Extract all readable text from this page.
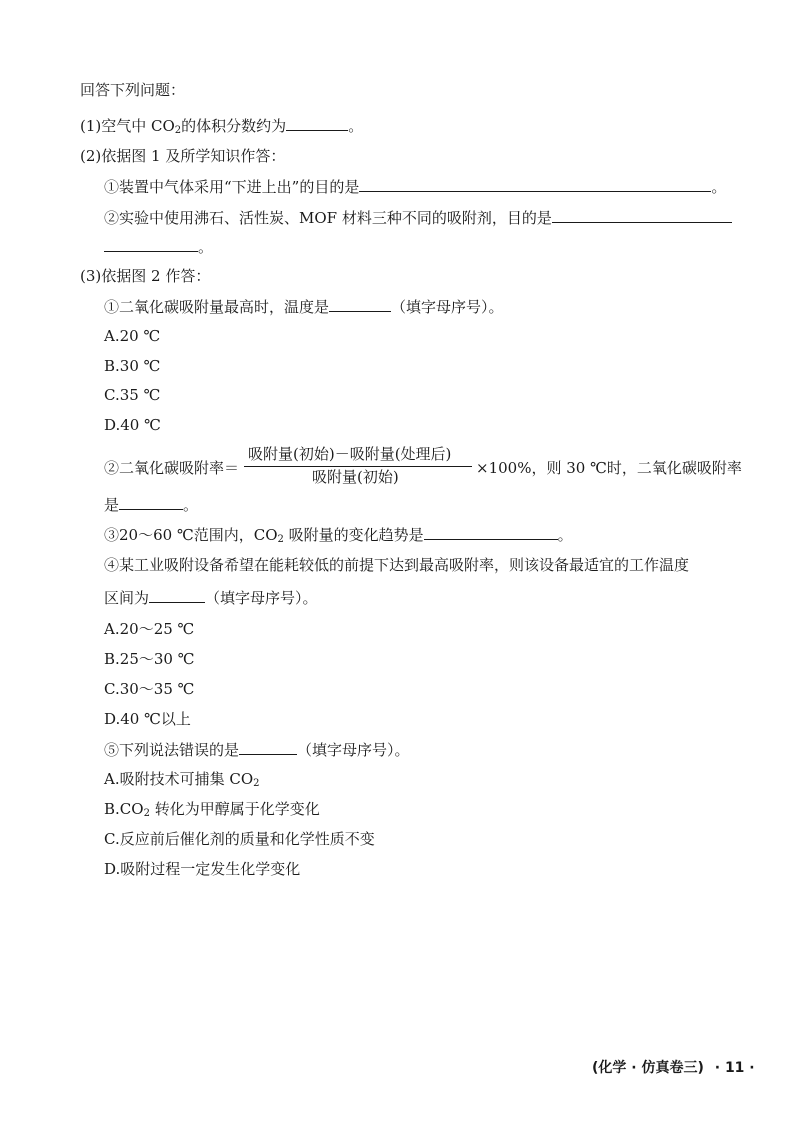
回答下列问题：
(1)空气中 $CO_2$的体积分数约为	。
(2)依据图 1 及所学知识作答：
①装置中气体采用“下进上出”的目的是	。
②实验中使用沸石、活性炭、MOF 材料三种不同的吸附剂，目的是
。
(3)依据图 2 作答：
①二氧化碳吸附量最高时，温度是	（填字母序号）。
A.20 ℃
B.30 ℃
C.35 ℃
D.40 ℃
②二氧化碳吸附率＝
吸附量(初始)－吸附量(处理后)
吸附量(初始)	×100%，则 30 ℃时，二氧化碳吸附率
是	。
③20～60 ℃范围内，$CO_2$ 吸附量的变化趋势是	。
④某工业吸附设备希望在能耗较低的前提下达到最高吸附率，则该设备最适宜的工作温度
区间为	（填字母序号）。
A.20～25 ℃
B.25～30 ℃
C.30～35 ℃
D.40 ℃以上
⑤下列说法错误的是	（填字母序号）。
A.吸附技术可捕集 $CO_2$
$B.CO_2$ 转化为甲醇属于化学变化
C.反应前后催化剂的质量和化学性质不变
D.吸附过程一定发生化学变化
(化学 · 仿真卷三) · 11 ·
